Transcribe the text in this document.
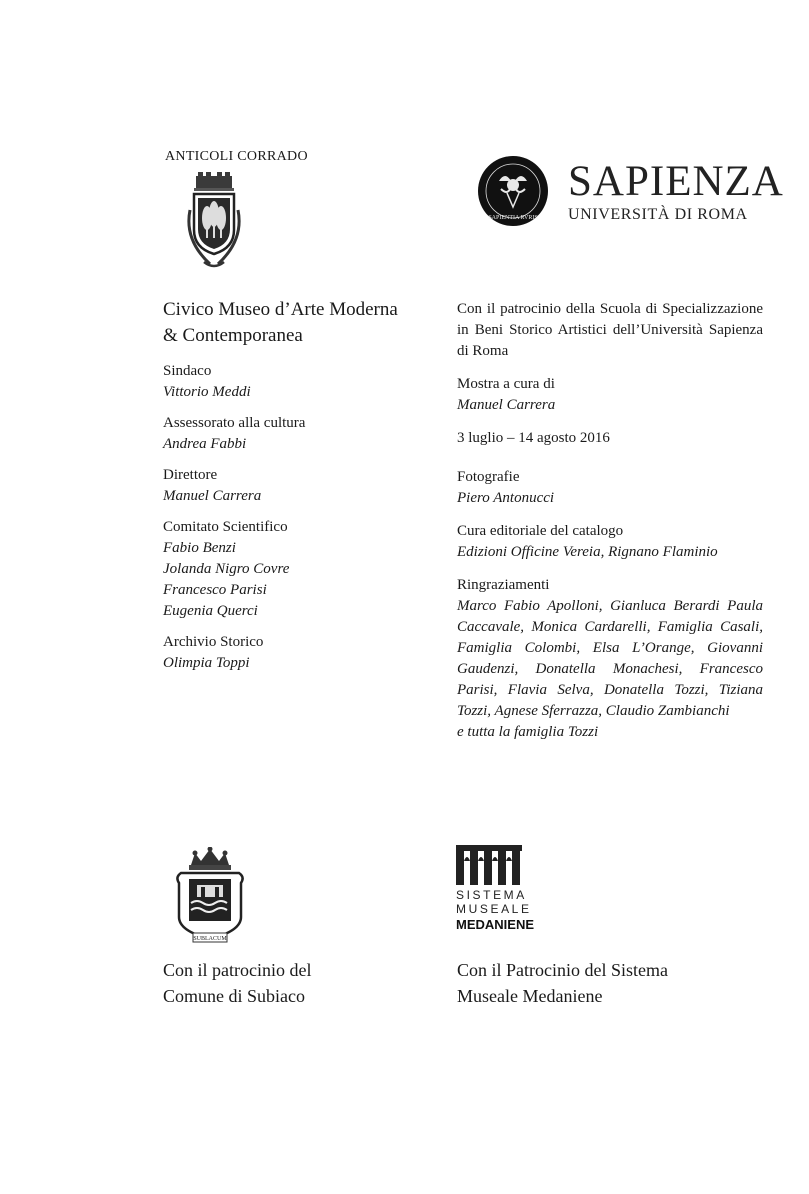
ANTICOLI CORRADO
SAPIENTIA RVRIS
SAPIENZA
UNIVERSITÀ DI ROMA
Civico Museo d’Arte Moderna
& Contemporanea
Sindaco
Vittorio Meddi
Assessorato alla cultura
Andrea Fabbi
Direttore
Manuel Carrera
Comitato Scientifico
Fabio Benzi
Jolanda Nigro Covre
Francesco Parisi
Eugenia Querci
Archivio Storico
Olimpia Toppi
Con il patrocinio della Scuola di Specializzazione in Beni Storico Artistici dell’Università Sapienza di Roma
Mostra a cura di
Manuel Carrera
3 luglio – 14 agosto 2016
Fotografie
Piero Antonucci
Cura editoriale del catalogo
Edizioni Officine Vereia, Rignano Flaminio
Ringraziamenti
Marco Fabio Apolloni, Gianluca Berardi Paula Caccavale, Monica Cardarelli, Famiglia Casali, Famiglia Colombi, Elsa L’Orange, Giovanni Gaudenzi, Donatella Monachesi, Francesco Parisi, Flavia Selva, Donatella Tozzi, Tiziana Tozzi, Agnese Sferrazza, Claudio Zambianchi
e tutta la famiglia Tozzi
SUBLACUM
SISTEMA
MUSEALE
MEDANIENE
Con il patrocinio del
Comune di Subiaco
Con il Patrocinio del Sistema
Museale Medaniene
